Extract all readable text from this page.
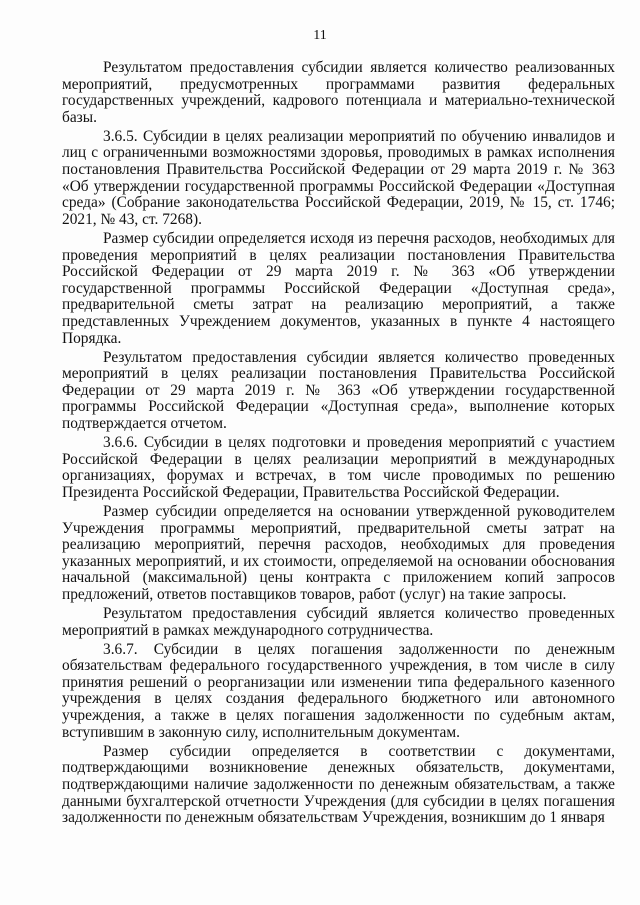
11

Результатом предоставления субсидии является количество реализованных мероприятий, предусмотренных программами развития федеральных государственных учреждений, кадрового потенциала и материально-технической базы.

3.6.5. Субсидии в целях реализации мероприятий по обучению инвалидов и лиц с ограниченными возможностями здоровья, проводимых в рамках исполнения постановления Правительства Российской Федерации от 29 марта 2019 г. № 363 «Об утверждении государственной программы Российской Федерации «Доступная среда» (Собрание законодательства Российской Федерации, 2019, № 15, ст. 1746; 2021, № 43, ст. 7268).

Размер субсидии определяется исходя из перечня расходов, необходимых для проведения мероприятий в целях реализации постановления Правительства Российской Федерации от 29 марта 2019 г. № 363 «Об утверждении государственной программы Российской Федерации «Доступная среда», предварительной сметы затрат на реализацию мероприятий, а также представленных Учреждением документов, указанных в пункте 4 настоящего Порядка.

Результатом предоставления субсидии является количество проведенных мероприятий в целях реализации постановления Правительства Российской Федерации от 29 марта 2019 г. № 363 «Об утверждении государственной программы Российской Федерации «Доступная среда», выполнение которых подтверждается отчетом.

3.6.6. Субсидии в целях подготовки и проведения мероприятий с участием Российской Федерации в целях реализации мероприятий в международных организациях, форумах и встречах, в том числе проводимых по решению Президента Российской Федерации, Правительства Российской Федерации.

Размер субсидии определяется на основании утвержденной руководителем Учреждения программы мероприятий, предварительной сметы затрат на реализацию мероприятий, перечня расходов, необходимых для проведения указанных мероприятий, и их стоимости, определяемой на основании обоснования начальной (максимальной) цены контракта с приложением копий запросов предложений, ответов поставщиков товаров, работ (услуг) на такие запросы.

Результатом предоставления субсидий является количество проведенных мероприятий в рамках международного сотрудничества.

3.6.7. Субсидии в целях погашения задолженности по денежным обязательствам федерального государственного учреждения, в том числе в силу принятия решений о реорганизации или изменении типа федерального казенного учреждения в целях создания федерального бюджетного или автономного учреждения, а также в целях погашения задолженности по судебным актам, вступившим в законную силу, исполнительным документам.

Размер субсидии определяется в соответствии с документами, подтверждающими возникновение денежных обязательств, документами, подтверждающими наличие задолженности по денежным обязательствам, а также данными бухгалтерской отчетности Учреждения (для субсидии в целях погашения задолженности по денежным обязательствам Учреждения, возникшим до 1 января
